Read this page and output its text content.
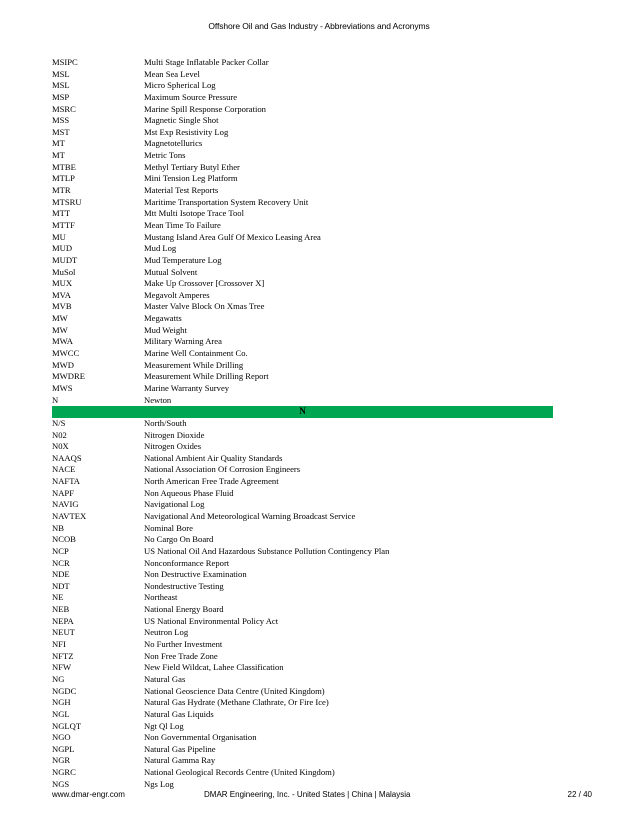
Offshore Oil and Gas Industry - Abbreviations and Acronyms
MSIPC	Multi Stage Inflatable Packer Collar
MSL	Mean Sea Level
MSL	Micro Spherical Log
MSP	Maximum Source Pressure
MSRC	Marine Spill Response Corporation
MSS	Magnetic Single Shot
MST	Mst Exp Resistivity Log
MT	Magnetotellurics
MT	Metric Tons
MTBE	Methyl Tertiary Butyl Ether
MTLP	Mini Tension Leg Platform
MTR	Material Test Reports
MTSRU	Maritime Transportation System Recovery Unit
MTT	Mtt Multi Isotope Trace Tool
MTTF	Mean Time To Failure
MU	Mustang Island Area Gulf Of Mexico Leasing Area
MUD	Mud Log
MUDT	Mud Temperature Log
MuSol	Mutual Solvent
MUX	Make Up Crossover [Crossover X]
MVA	Megavolt Amperes
MVB	Master Valve Block On Xmas Tree
MW	Megawatts
MW	Mud Weight
MWA	Military Warning Area
MWCC	Marine Well Containment Co.
MWD	Measurement While Drilling
MWDRE	Measurement While Drilling Report
MWS	Marine Warranty Survey
N	Newton
N
N/S	North/South
N02	Nitrogen Dioxide
N0X	Nitrogen Oxides
NAAQS	National Ambient Air Quality Standards
NACE	National Association Of Corrosion Engineers
NAFTA	North American Free Trade Agreement
NAPF	Non Aqueous Phase Fluid
NAVIG	Navigational Log
NAVTEX	Navigational And Meteorological Warning Broadcast Service
NB	Nominal Bore
NCOB	No Cargo On Board
NCP	US National Oil And Hazardous Substance Pollution Contingency Plan
NCR	Nonconformance Report
NDE	Non Destructive Examination
NDT	Nondestructive Testing
NE	Northeast
NEB	National Energy Board
NEPA	US National Environmental Policy Act
NEUT	Neutron Log
NFI	No Further Investment
NFTZ	Non Free Trade Zone
NFW	New Field Wildcat, Lahee Classification
NG	Natural Gas
NGDC	National Geoscience Data Centre (United Kingdom)
NGH	Natural Gas Hydrate (Methane Clathrate, Or Fire Ice)
NGL	Natural Gas Liquids
NGLQT	Ngt Ql Log
NGO	Non Governmental Organisation
NGPL	Natural Gas Pipeline
NGR	Natural Gamma Ray
NGRC	National Geological Records Centre (United Kingdom)
NGS	Ngs Log
www.dmar-engr.com	DMAR Engineering, Inc. - United States | China | Malaysia	22 / 40
